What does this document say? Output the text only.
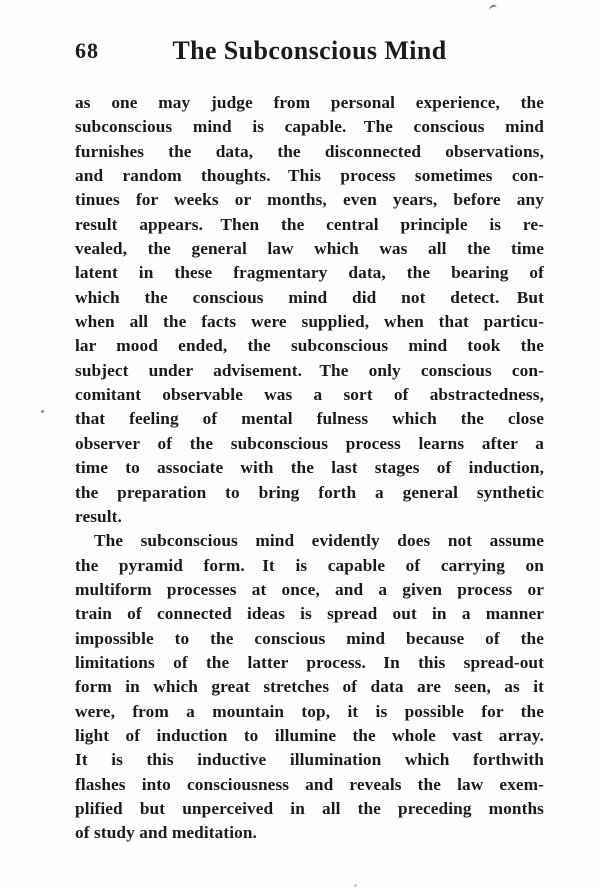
68	The Subconscious Mind
as one may judge from personal experience, the
subconscious mind is capable. The conscious mind
furnishes the data, the disconnected observations,
and random thoughts. This process sometimes con-
tinues for weeks or months, even years, before any
result appears. Then the central principle is re-
vealed, the general law which was all the time
latent in these fragmentary data, the bearing of
which the conscious mind did not detect. But
when all the facts were supplied, when that particu-
lar mood ended, the subconscious mind took the
subject under advisement. The only conscious con-
comitant observable was a sort of abstractedness,
that feeling of mental fulness which the close
observer of the subconscious process learns after a
time to associate with the last stages of induction,
the preparation to bring forth a general synthetic
result.
The subconscious mind evidently does not assume
the pyramid form. It is capable of carrying on
multiform processes at once, and a given process or
train of connected ideas is spread out in a manner
impossible to the conscious mind because of the
limitations of the latter process. In this spread-out
form in which great stretches of data are seen, as it
were, from a mountain top, it is possible for the
light of induction to illumine the whole vast array.
It is this inductive illumination which forthwith
flashes into consciousness and reveals the law exem-
plified but unperceived in all the preceding months
of study and meditation.
